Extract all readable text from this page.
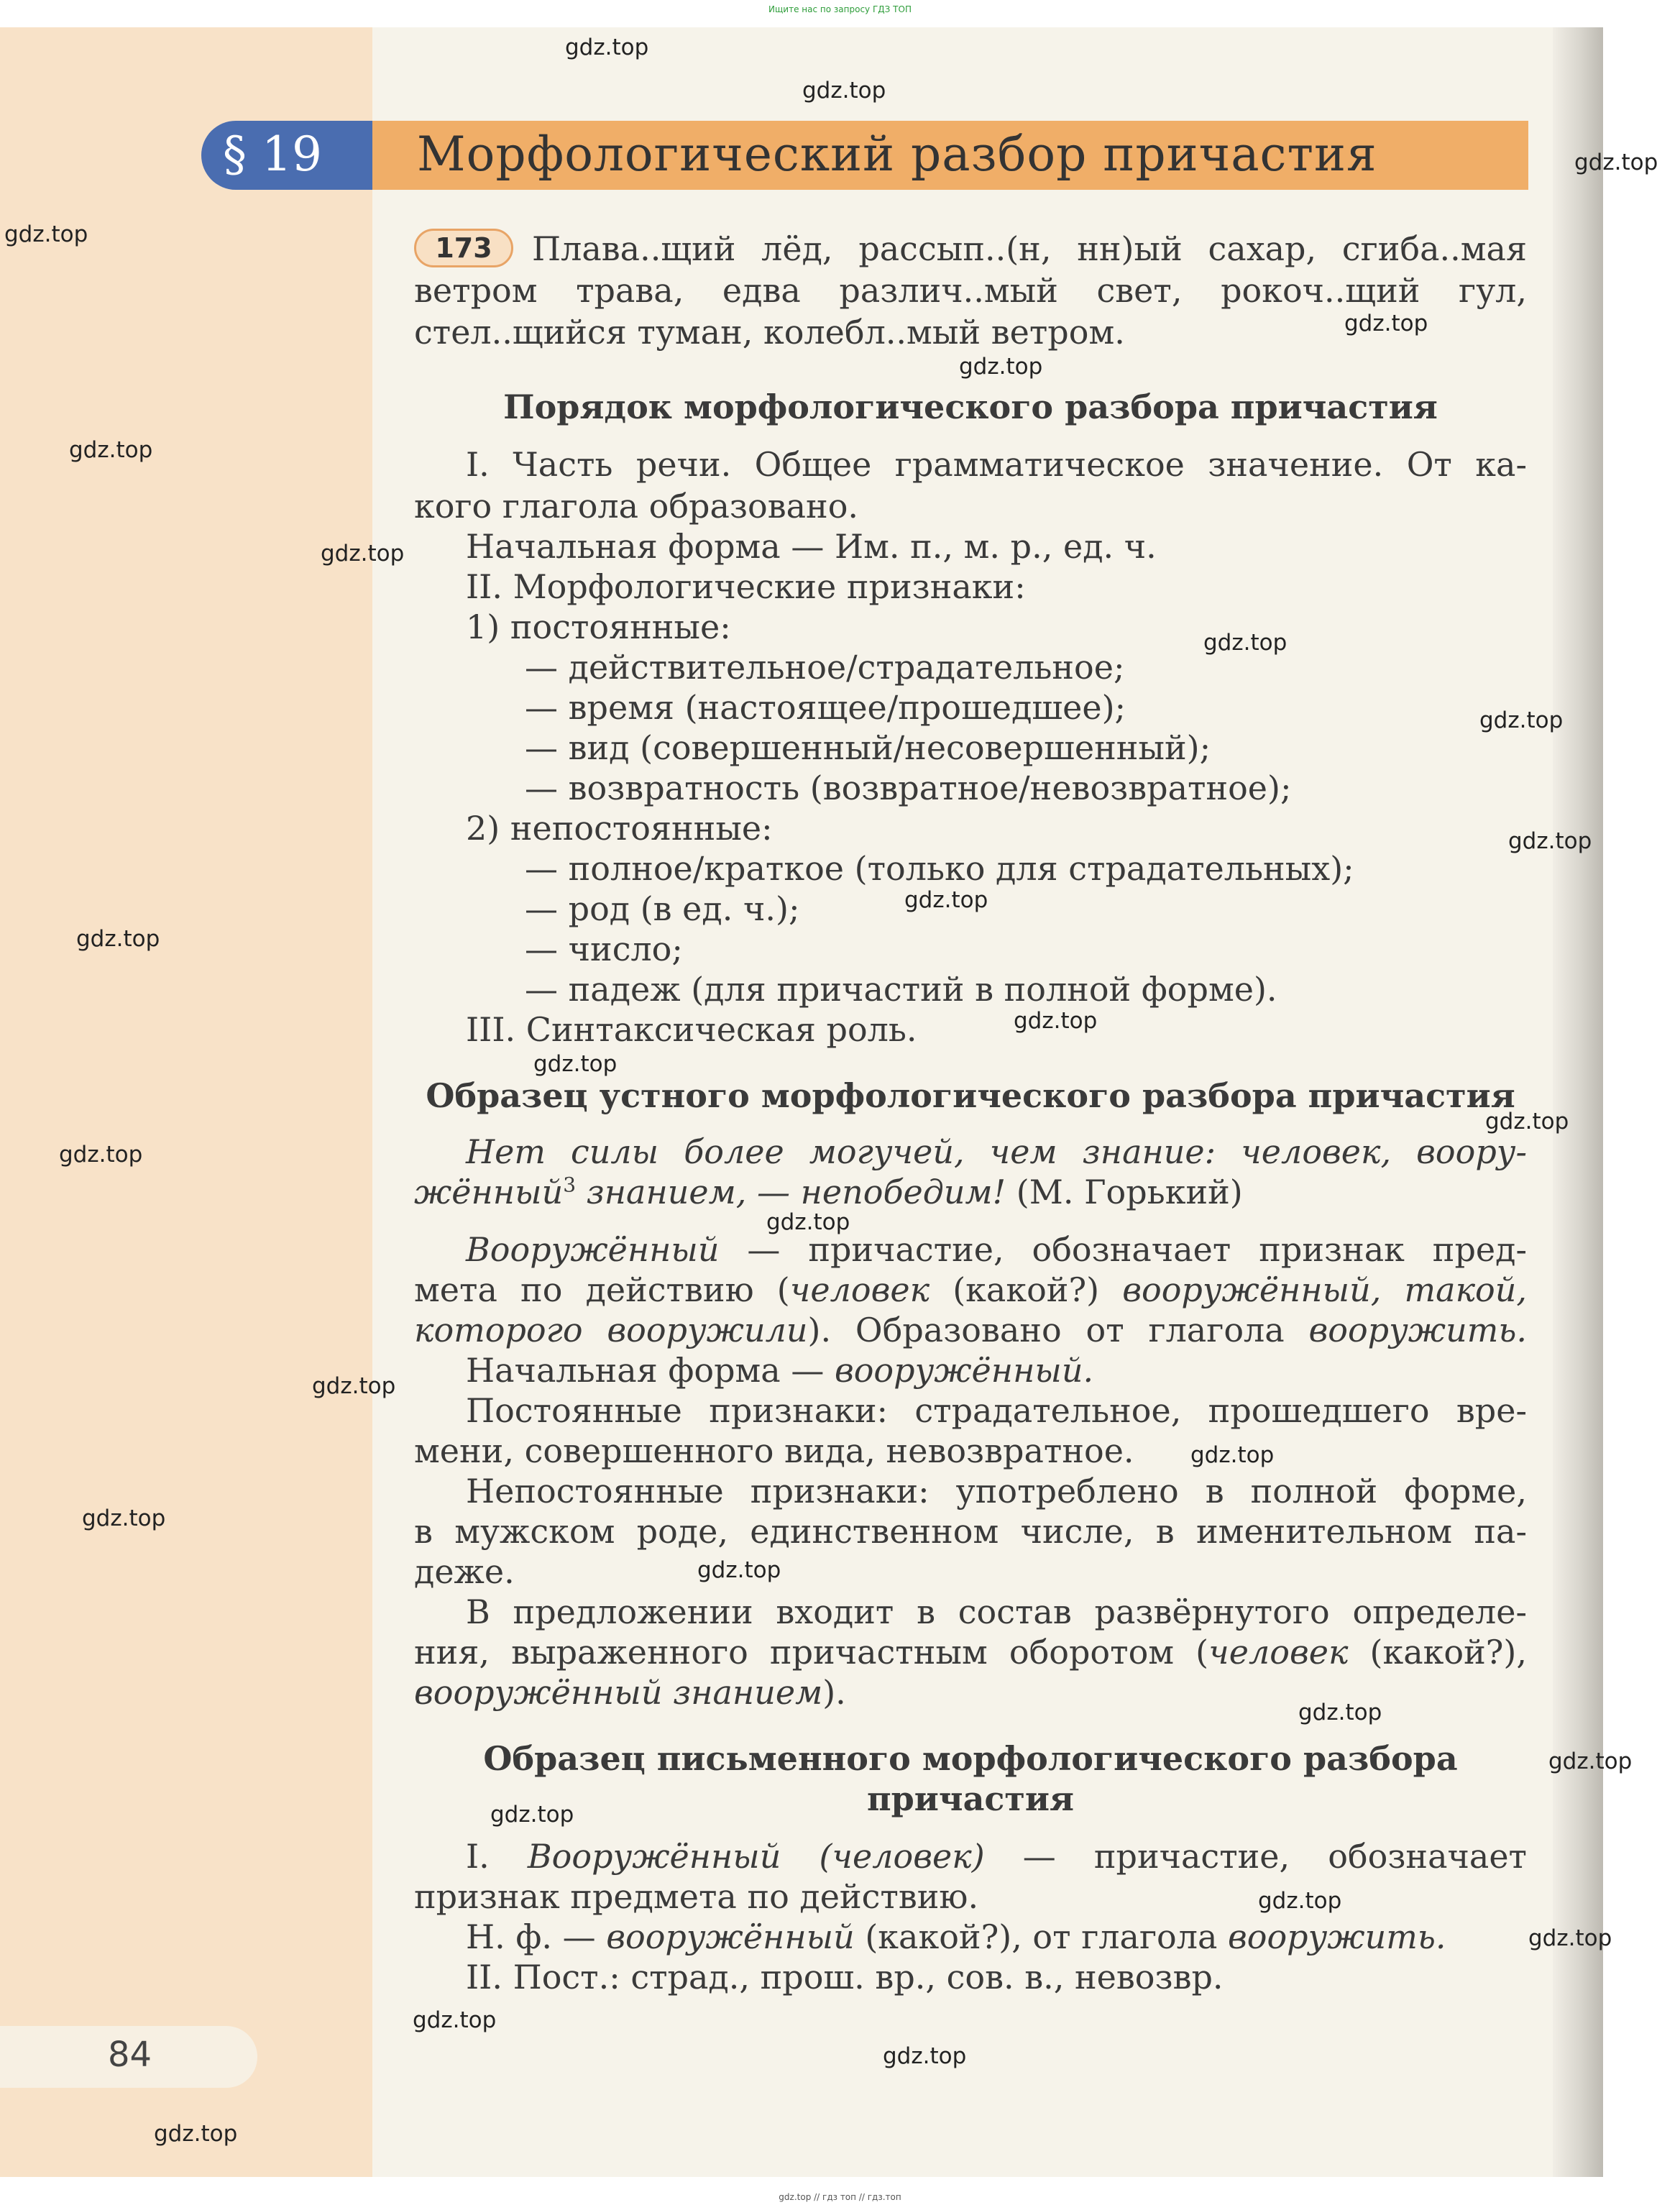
Ищите нас по запросу ГДЗ ТОП
§ 19 Морфологический разбор причастия
173	Плава..щий лёд, рассып..(н, нн)ый сахар, сгиба..мая
ветром трава, едва различ..мый свет, рокоч..щий гул,
стел..щийся туман, колебл..мый ветром.
Порядок морфологического разбора причастия
I. Часть речи. Общее грамматическое значение. От ка-
кого глагола образовано.
Начальная форма — Им. п., м. р., ед. ч.
II. Морфологические признаки:
1) постоянные:
— действительное/страдательное;
— время (настоящее/прошедшее);
— вид (совершенный/несовершенный);
— возвратность (возвратное/невозвратное);
2) непостоянные:
— полное/краткое (только для страдательных);
— род (в ед. ч.);
— число;
— падеж (для причастий в полной форме).
III. Синтаксическая роль.
Образец устного морфологического разбора причастия
Нет силы более могучей, чем знание: человек, воору-
жённый$^3$ знанием, — непобедим! (М. Горький)
Вооружённый — причастие, обозначает признак пред-
мета по действию (человек (какой?) вооружённый, такой,
которого вооружили). Образовано от глагола вооружить.
Начальная форма — вооружённый.
Постоянные признаки: страдательное, прошедшего вре-
мени, совершенного вида, невозвратное.
Непостоянные признаки: употреблено в полной форме,
в мужском роде, единственном числе, в именительном па-
деже.
В предложении входит в состав развёрнутого определе-
ния, выраженного причастным оборотом (человек (какой?),
вооружённый знанием).
Образец письменного морфологического разбора
причастия
I. Вооружённый (человек) — причастие, обозначает
признак предмета по действию.
Н. ф. — вооружённый (какой?), от глагола вооружить.
II. Пост.: страд., прош. вр., сов. в., невозвр.
84
gdz.top
gdz.top
gdz.top
gdz.top
gdz.top
gdz.top
gdz.top
gdz.top
gdz.top
gdz.top
gdz.top
gdz.top
gdz.top
gdz.top
gdz.top
gdz.top
gdz.top
gdz.top
gdz.top
gdz.top
gdz.top
gdz.top
gdz.top
gdz.top
gdz.top
gdz.top
gdz.top
gdz.top
gdz.top
gdz.top
gdz.top // гдз топ // гдз.топ
